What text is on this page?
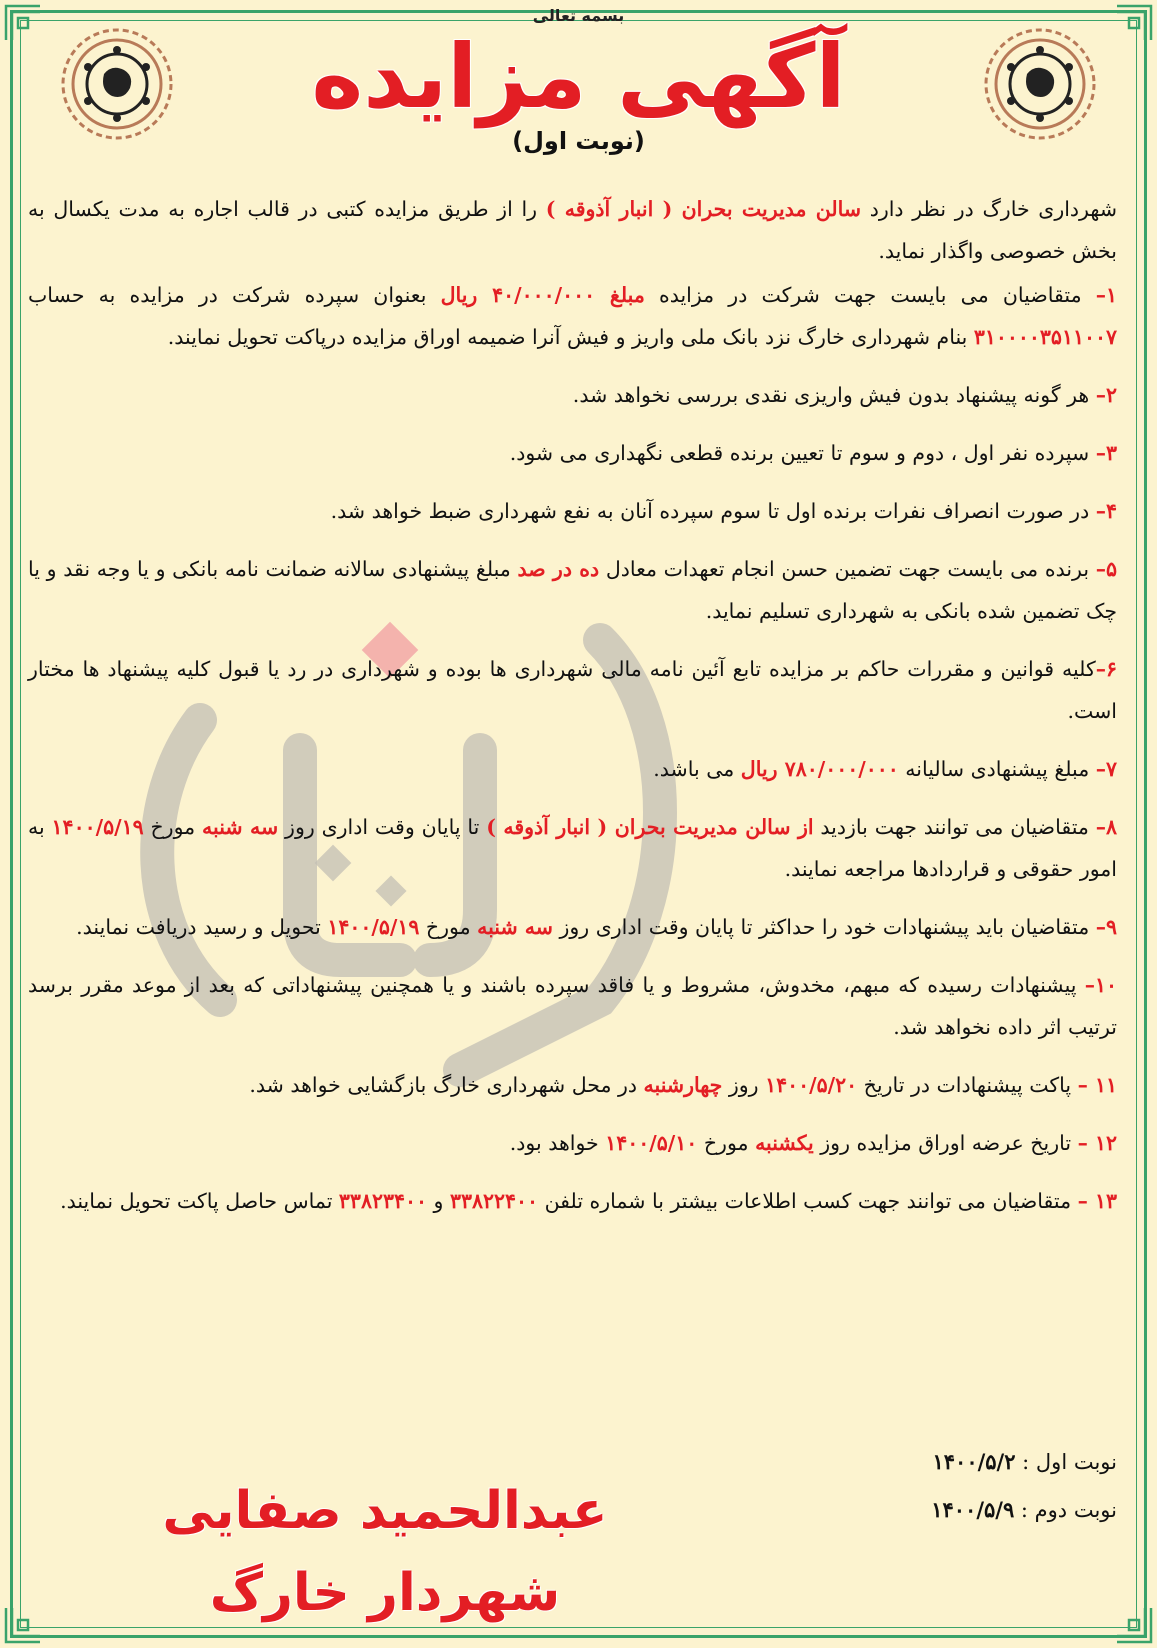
بسمه تعالی
آگهی مزایده
(نوبت اول)

شهرداری خارگ در نظر دارد سالن مدیریت بحران ( انبار آذوقه ) را از طریق مزایده کتبی در قالب اجاره به مدت یکسال به بخش خصوصی واگذار نماید.

۱– متقاضیان می بایست جهت شرکت در مزایده مبلغ ۴۰/۰۰۰/۰۰۰ ریال بعنوان سپرده شرکت در مزایده به حساب ۳۱۰۰۰۰۳۵۱۱۰۰۷ بنام شهرداری خارگ نزد بانک ملی واریز و فیش آنرا ضمیمه اوراق مزایده درپاکت تحویل نمایند.

۲– هر گونه پیشنهاد بدون فیش واریزی نقدی بررسی نخواهد شد.

۳– سپرده نفر اول ، دوم و سوم تا تعیین برنده قطعی نگهداری می شود.

۴– در صورت انصراف نفرات برنده اول تا سوم سپرده آنان به نفع شهرداری ضبط خواهد شد.

۵– برنده می بایست جهت تضمین حسن انجام تعهدات معادل ده در صد مبلغ پیشنهادی سالانه ضمانت نامه بانکی و یا وجه نقد و یا چک تضمین شده بانکی به شهرداری تسلیم نماید.

۶–کلیه قوانین و مقررات حاکم بر مزایده تابع آئین نامه مالی شهرداری ها بوده و شهرداری در رد یا قبول کلیه پیشنهاد ها مختار است.

۷– مبلغ پیشنهادی سالیانه ۷۸۰/۰۰۰/۰۰۰ ریال می باشد.

۸– متقاضیان می توانند جهت بازدید از سالن مدیریت بحران ( انبار آذوقه ) تا پایان وقت اداری روز سه شنبه مورخ ۱۴۰۰/۵/۱۹ به امور حقوقی و قراردادها مراجعه نمایند.

۹– متقاضیان باید پیشنهادات خود را حداکثر تا پایان وقت اداری روز سه شنبه مورخ ۱۴۰۰/۵/۱۹ تحویل و رسید دریافت نمایند.

۱۰– پیشنهادات رسیده که مبهم، مخدوش، مشروط و یا فاقد سپرده باشند و یا همچنین پیشنهاداتی که بعد از موعد مقرر برسد ترتیب اثر داده نخواهد شد.

۱۱ – پاکت پیشنهادات در تاریخ ۱۴۰۰/۵/۲۰ روز چهارشنبه در محل شهرداری خارگ بازگشایی خواهد شد.

۱۲ – تاریخ عرضه اوراق مزایده روز یکشنبه مورخ ۱۴۰۰/۵/۱۰ خواهد بود.

۱۳ – متقاضیان می توانند جهت کسب اطلاعات بیشتر با شماره تلفن ۳۳۸۲۲۴۰۰ و ۳۳۸۲۳۴۰۰ تماس حاصل پاکت تحویل نمایند.

نوبت اول : ۱۴۰۰/۵/۲
نوبت دوم : ۱۴۰۰/۵/۹
عبدالحمید صفایی
شهردار خارگ
